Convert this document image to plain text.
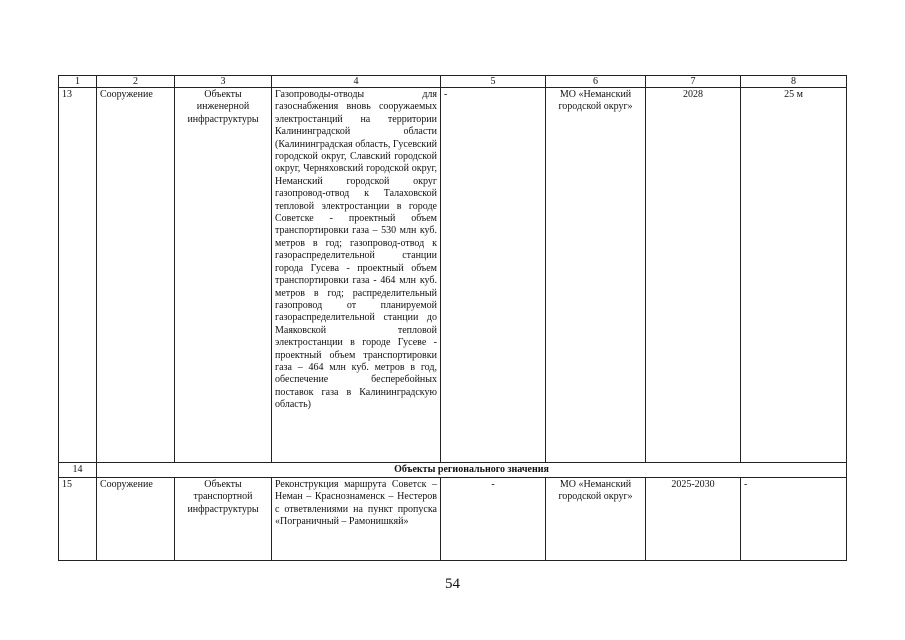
1	2	3	4	5	6	7	8
13	Сооружение	Объекты инженерной инфраструктуры	Газопроводы-отводы для газоснабжения вновь сооружаемых электростанций на территории Калининградской области (Калининградская область, Гусевский городской округ, Славский городской округ, Черняховский городской округ, Неманский городской округ газопровод-отвод к Талаховской тепловой электростанции в городе Советске - проектный объем транспортировки газа – 530 млн куб. метров в год; газопровод-отвод к газораспределительной станции города Гусева - проектный объем транспортировки газа - 464 млн куб. метров в год; распределительный газопровод от планируемой газораспределительной станции до Маяковской тепловой электростанции в городе Гусеве - проектный объем транспортировки газа – 464 млн куб. метров в год, обеспечение бесперебойных поставок газа в Калининградскую область)	-	МО «Неманский городской округ»	2028	25 м
14	Объекты регионального значения						
15	Сооружение	Объекты транспортной инфраструктуры	Реконструкция маршрута Советск – Неман – Краснознаменск – Нестеров с ответвлениями на пункт пропуска «Пограничный – Рамонишкяй»	-	МО «Неманский городской округ»	2025-2030	-
54
